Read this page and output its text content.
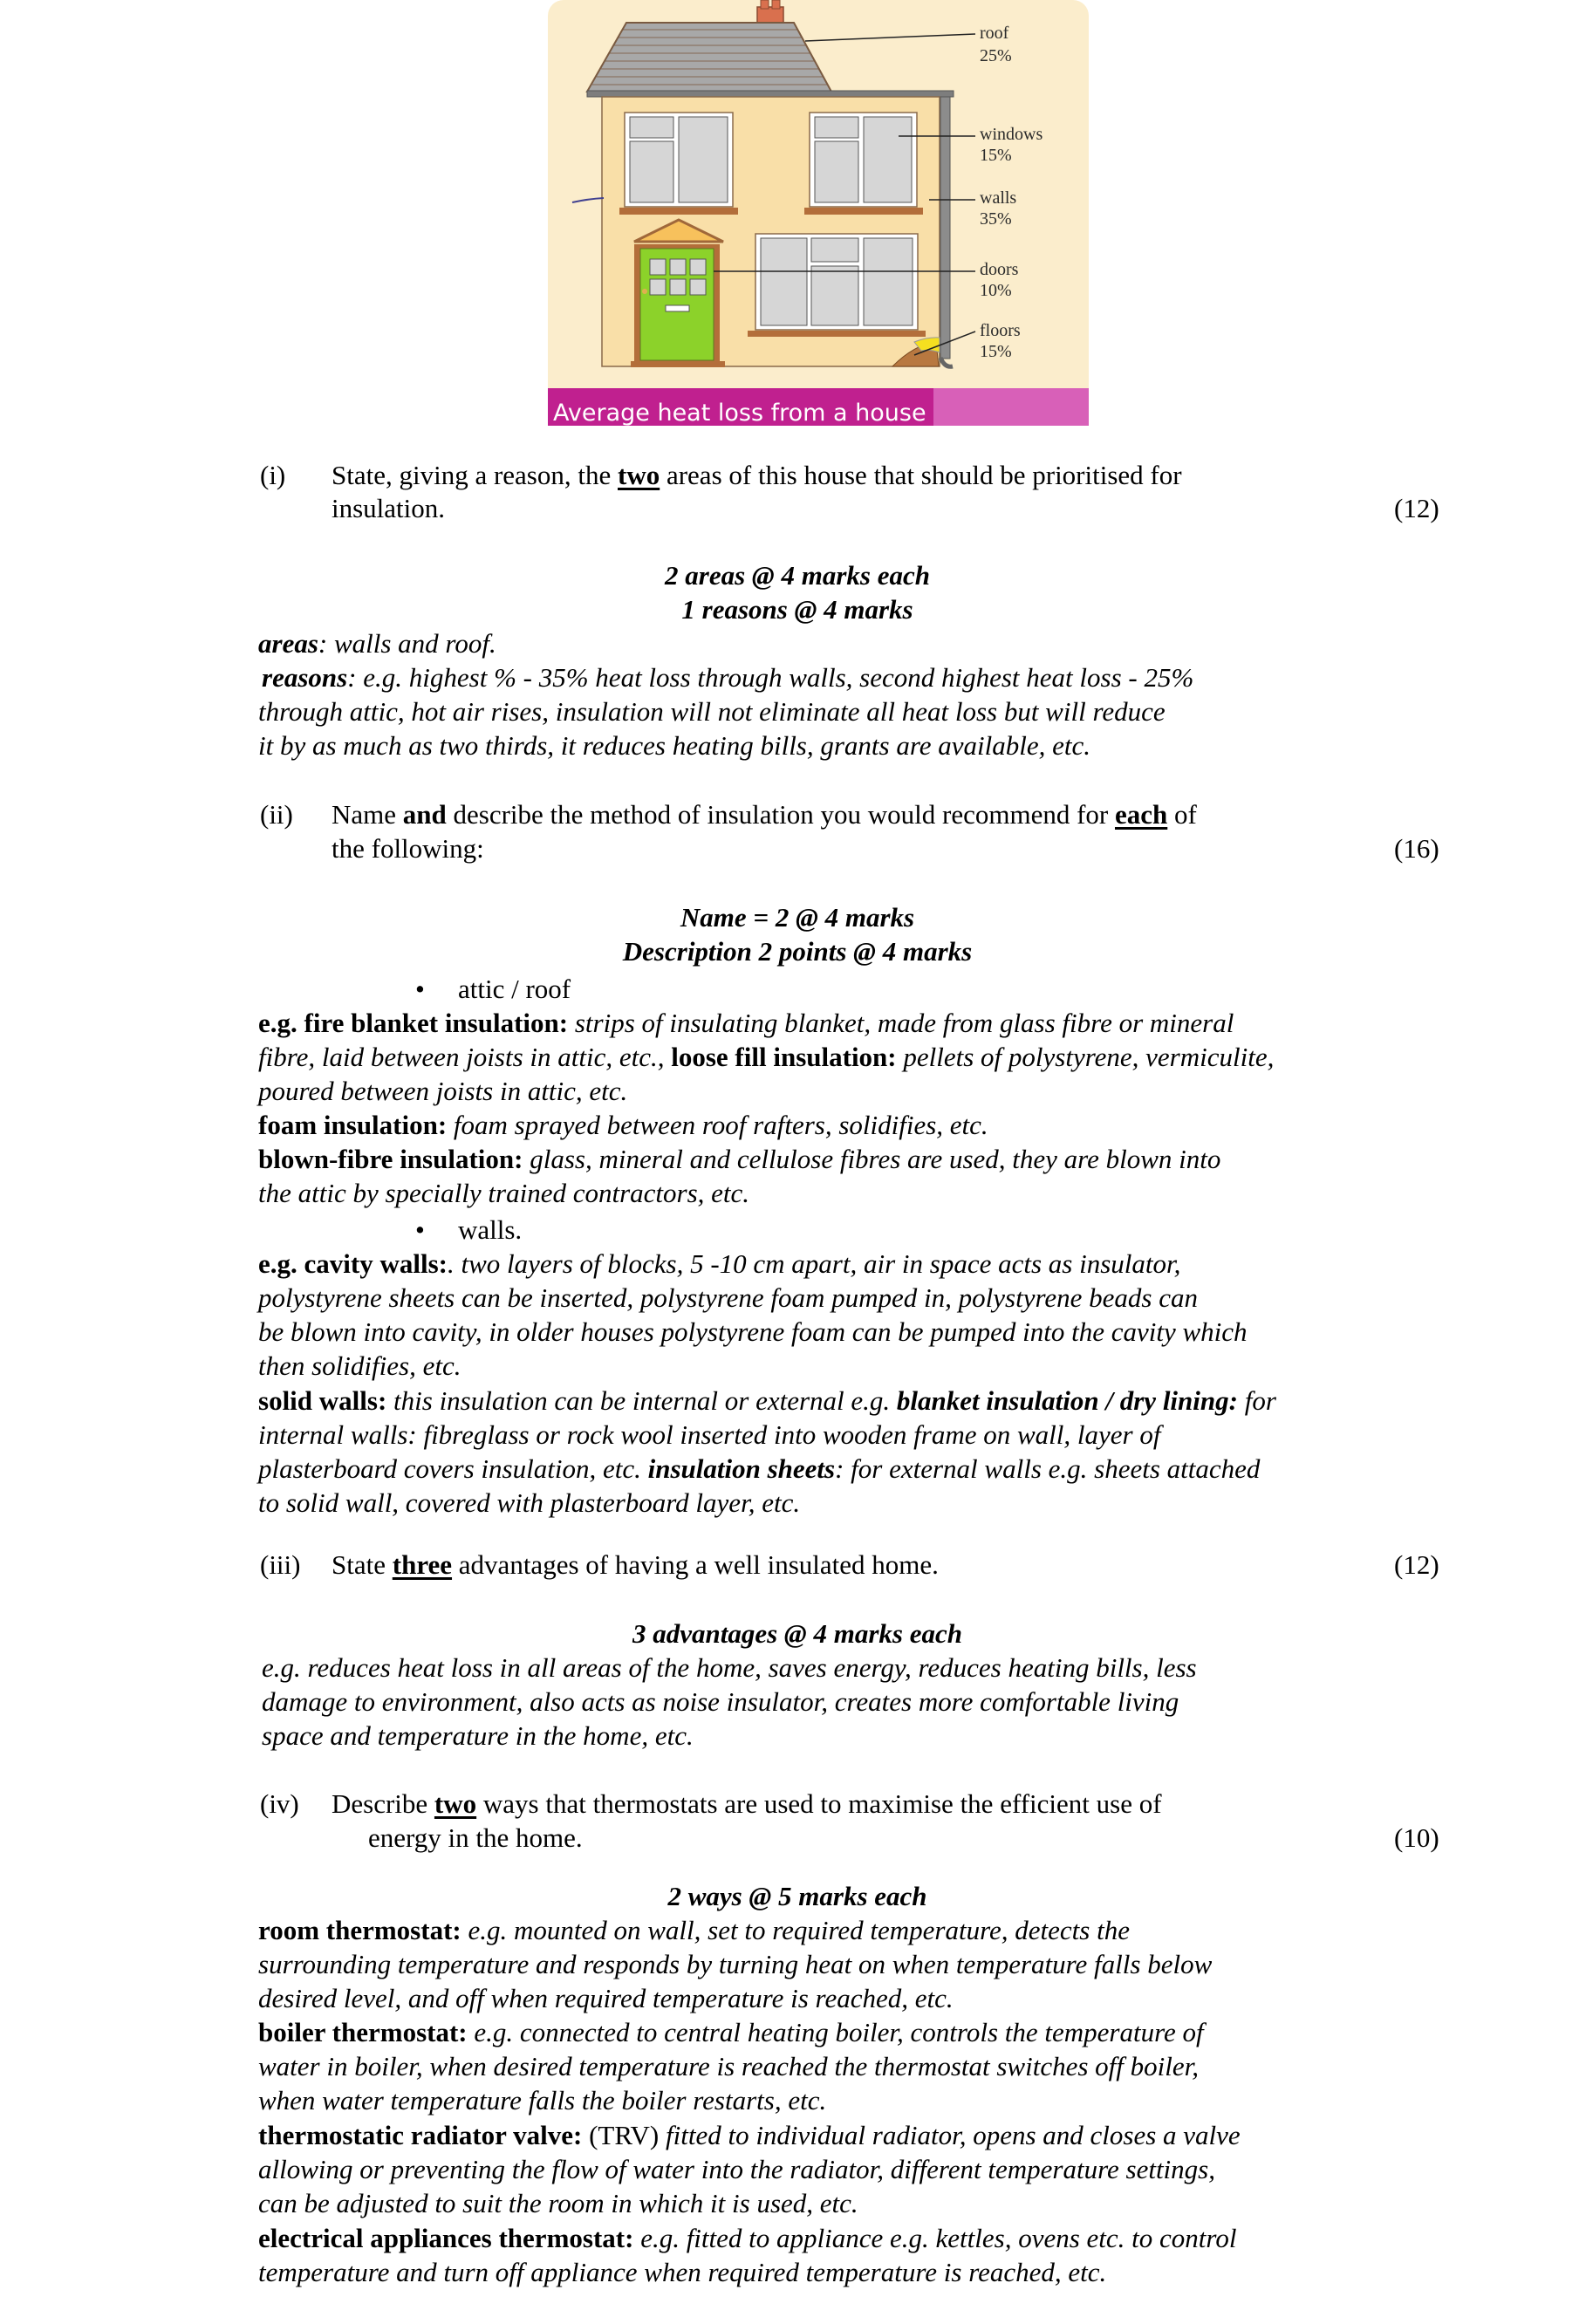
roof
25%
windows
15%
walls
35%
doors
10%
floors
15%
Average heat loss from a house
(i) State, giving a reason, the two areas of this house that should be prioritised for
insulation.	(12)
2 areas @ 4 marks each
1 reasons @ 4 marks
areas: walls and roof.
reasons: e.g. highest % - 35% heat loss through walls, second highest heat loss - 25%
through attic, hot air rises, insulation will not eliminate all heat loss but will reduce
it by as much as two thirds, it reduces heating bills, grants are available, etc.
(ii) Name and describe the method of insulation you would recommend for each of
the following:	(16)
Name = 2 @ 4 marks
Description 2 points @ 4 marks
• attic / roof
e.g. fire blanket insulation: strips of insulating blanket, made from glass fibre or mineral
fibre, laid between joists in attic, etc., loose fill insulation: pellets of polystyrene, vermiculite,
poured between joists in attic, etc.
foam insulation: foam sprayed between roof rafters, solidifies, etc.
blown-fibre insulation: glass, mineral and cellulose fibres are used, they are blown into
the attic by specially trained contractors, etc.
• walls.
e.g. cavity walls:. two layers of blocks, 5 -10 cm apart, air in space acts as insulator,
polystyrene sheets can be inserted, polystyrene foam pumped in, polystyrene beads can
be blown into cavity, in older houses polystyrene foam can be pumped into the cavity which
then solidifies, etc.
solid walls: this insulation can be internal or external e.g. blanket insulation / dry lining: for
internal walls: fibreglass or rock wool inserted into wooden frame on wall, layer of
plasterboard covers insulation, etc. insulation sheets: for external walls e.g. sheets attached
to solid wall, covered with plasterboard layer, etc.
(iii) State three advantages of having a well insulated home.	(12)
3 advantages @ 4 marks each
e.g. reduces heat loss in all areas of the home, saves energy, reduces heating bills, less
damage to environment, also acts as noise insulator, creates more comfortable living
space and temperature in the home, etc.
(iv) Describe two ways that thermostats are used to maximise the efficient use of
energy in the home.	(10)
2 ways @ 5 marks each
room thermostat: e.g. mounted on wall, set to required temperature, detects the
surrounding temperature and responds by turning heat on when temperature falls below
desired level, and off when required temperature is reached, etc.
boiler thermostat: e.g. connected to central heating boiler, controls the temperature of
water in boiler, when desired temperature is reached the thermostat switches off boiler,
when water temperature falls the boiler restarts, etc.
thermostatic radiator valve: (TRV) fitted to individual radiator, opens and closes a valve
allowing or preventing the flow of water into the radiator, different temperature settings,
can be adjusted to suit the room in which it is used, etc.
electrical appliances thermostat: e.g. fitted to appliance e.g. kettles, ovens etc. to control
temperature and turn off appliance when required temperature is reached, etc.
